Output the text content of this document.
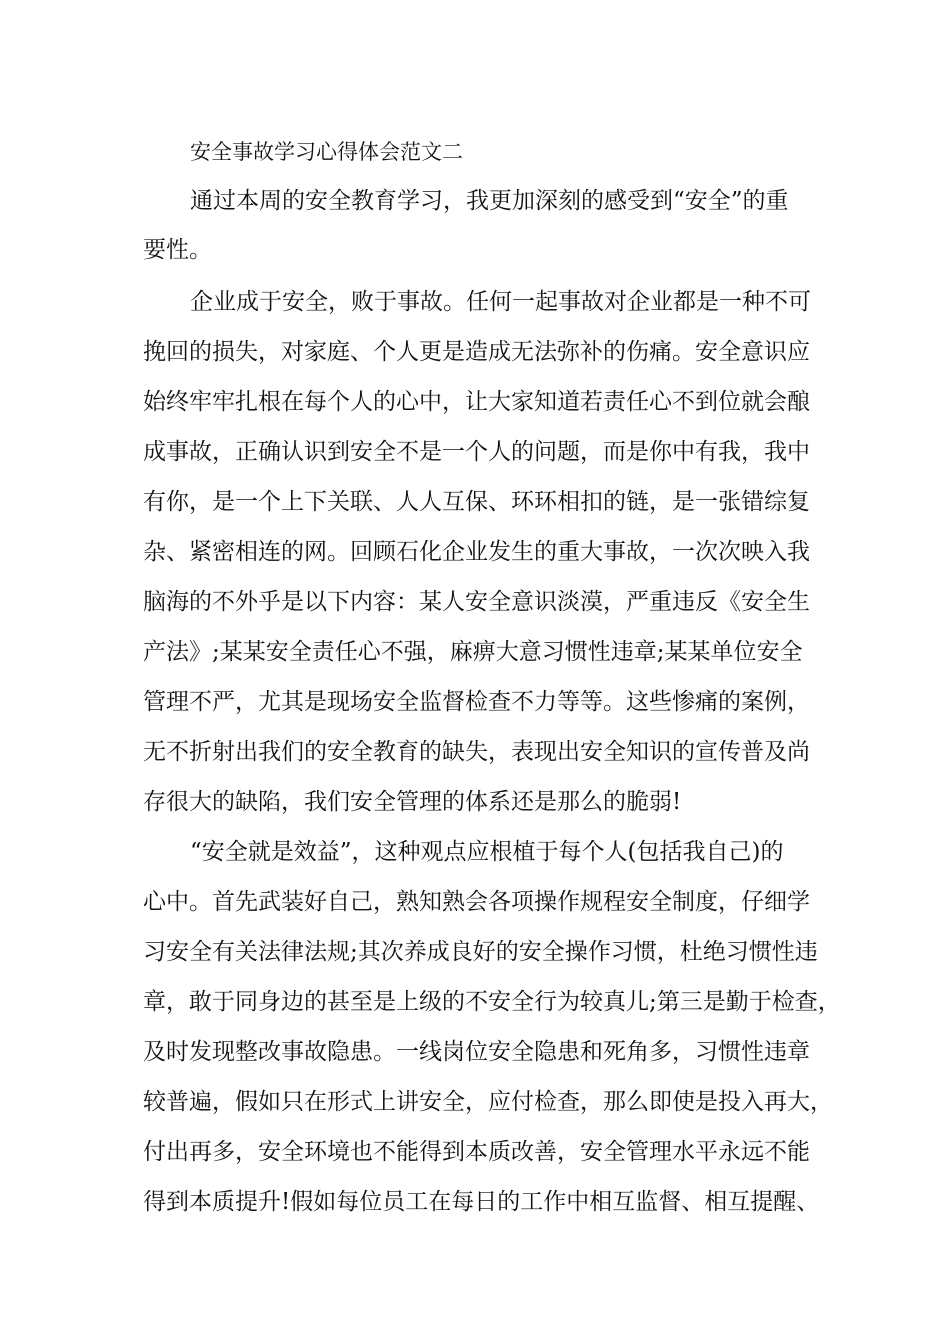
安全事故学习心得体会范文二
通过本周的安全教育学习，我更加深刻的感受到“安全”的重
要性。
企业成于安全，败于事故。任何一起事故对企业都是一种不可
挽回的损失，对家庭、个人更是造成无法弥补的伤痛。安全意识应
始终牢牢扎根在每个人的心中，让大家知道若责任心不到位就会酿
成事故，正确认识到安全不是一个人的问题，而是你中有我，我中
有你，是一个上下关联、人人互保、环环相扣的链，是一张错综复
杂、紧密相连的网。回顾石化企业发生的重大事故，一次次映入我
脑海的不外乎是以下内容：某人安全意识淡漠，严重违反《安全生
产法》;某某安全责任心不强，麻痹大意习惯性违章;某某单位安全
管理不严，尤其是现场安全监督检查不力等等。这些惨痛的案例，
无不折射出我们的安全教育的缺失，表现出安全知识的宣传普及尚
存很大的缺陷，我们安全管理的体系还是那么的脆弱!
“安全就是效益”，这种观点应根植于每个人(包括我自己)的
心中。首先武装好自己，熟知熟会各项操作规程安全制度，仔细学
习安全有关法律法规;其次养成良好的安全操作习惯，杜绝习惯性违
章，敢于同身边的甚至是上级的不安全行为较真儿;第三是勤于检查，
及时发现整改事故隐患。一线岗位安全隐患和死角多，习惯性违章
较普遍，假如只在形式上讲安全，应付检查，那么即使是投入再大，
付出再多，安全环境也不能得到本质改善，安全管理水平永远不能
得到本质提升!假如每位员工在每日的工作中相互监督、相互提醒、
